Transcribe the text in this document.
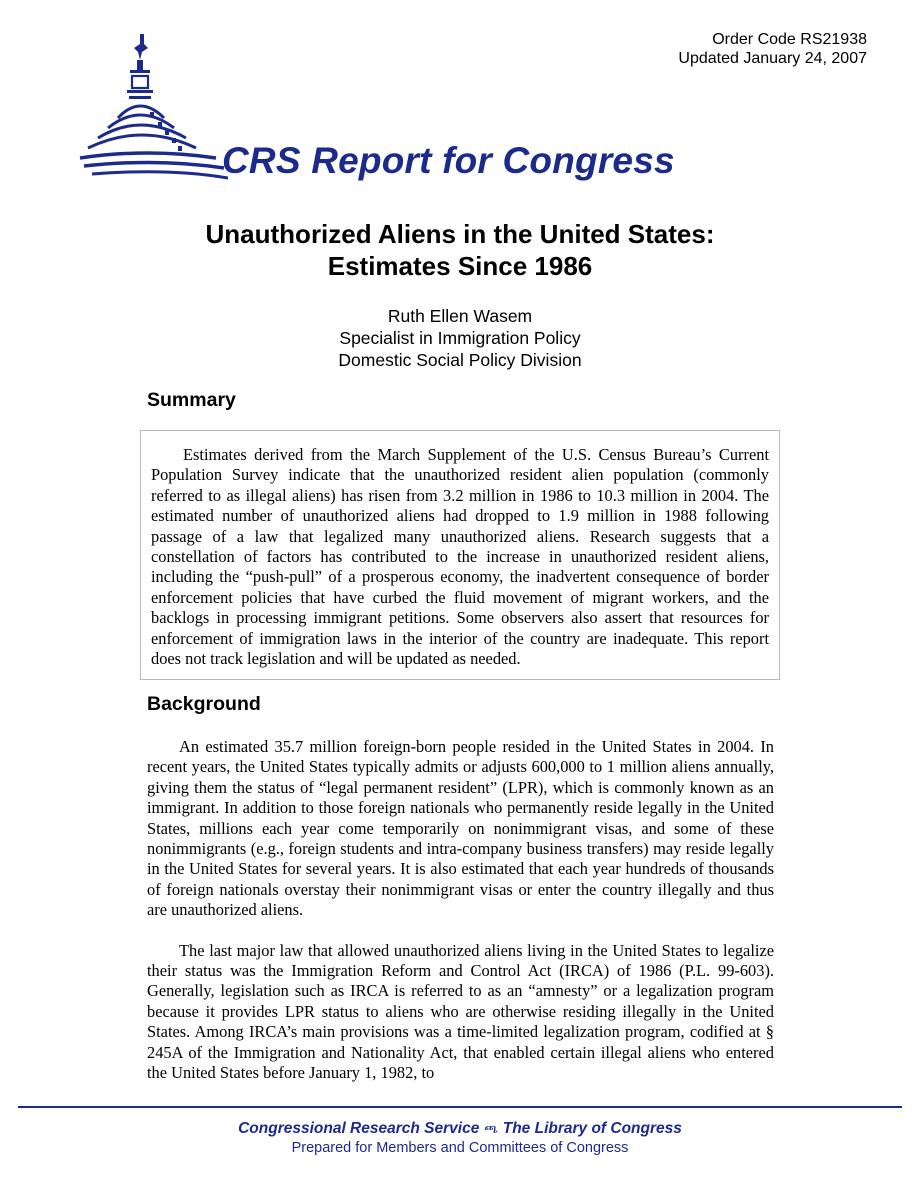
Order Code RS21938
Updated January 24, 2007
CRS Report for Congress
Unauthorized Aliens in the United States:
Estimates Since 1986
Ruth Ellen Wasem
Specialist in Immigration Policy
Domestic Social Policy Division
Summary

Estimates derived from the March Supplement of the U.S. Census Bureau’s Current Population Survey indicate that the unauthorized resident alien population (commonly referred to as illegal aliens) has risen from 3.2 million in 1986 to 10.3 million in 2004. The estimated number of unauthorized aliens had dropped to 1.9 million in 1988 following passage of a law that legalized many unauthorized aliens. Research suggests that a constellation of factors has contributed to the increase in unauthorized resident aliens, including the “push-pull” of a prosperous economy, the inadvertent consequence of border enforcement policies that have curbed the fluid movement of migrant workers, and the backlogs in processing immigrant petitions. Some observers also assert that resources for enforcement of immigration laws in the interior of the country are inadequate. This report does not track legislation and will be updated as needed.

Background

An estimated 35.7 million foreign-born people resided in the United States in 2004. In recent years, the United States typically admits or adjusts 600,000 to 1 million aliens annually, giving them the status of “legal permanent resident” (LPR), which is commonly known as an immigrant. In addition to those foreign nationals who permanently reside legally in the United States, millions each year come temporarily on nonimmigrant visas, and some of these nonimmigrants (e.g., foreign students and intra-company business transfers) may reside legally in the United States for several years. It is also estimated that each year hundreds of thousands of foreign nationals overstay their nonimmigrant visas or enter the country illegally and thus are unauthorized aliens.

The last major law that allowed unauthorized aliens living in the United States to legalize their status was the Immigration Reform and Control Act (IRCA) of 1986 (P.L. 99-603). Generally, legislation such as IRCA is referred to as an “amnesty” or a legalization program because it provides LPR status to aliens who are otherwise residing illegally in the United States. Among IRCA’s main provisions was a time-limited legalization program, codified at § 245A of the Immigration and Nationality Act, that enabled certain illegal aliens who entered the United States before January 1, 1982, to

Congressional Research Service ጫ The Library of Congress
Prepared for Members and Committees of Congress
